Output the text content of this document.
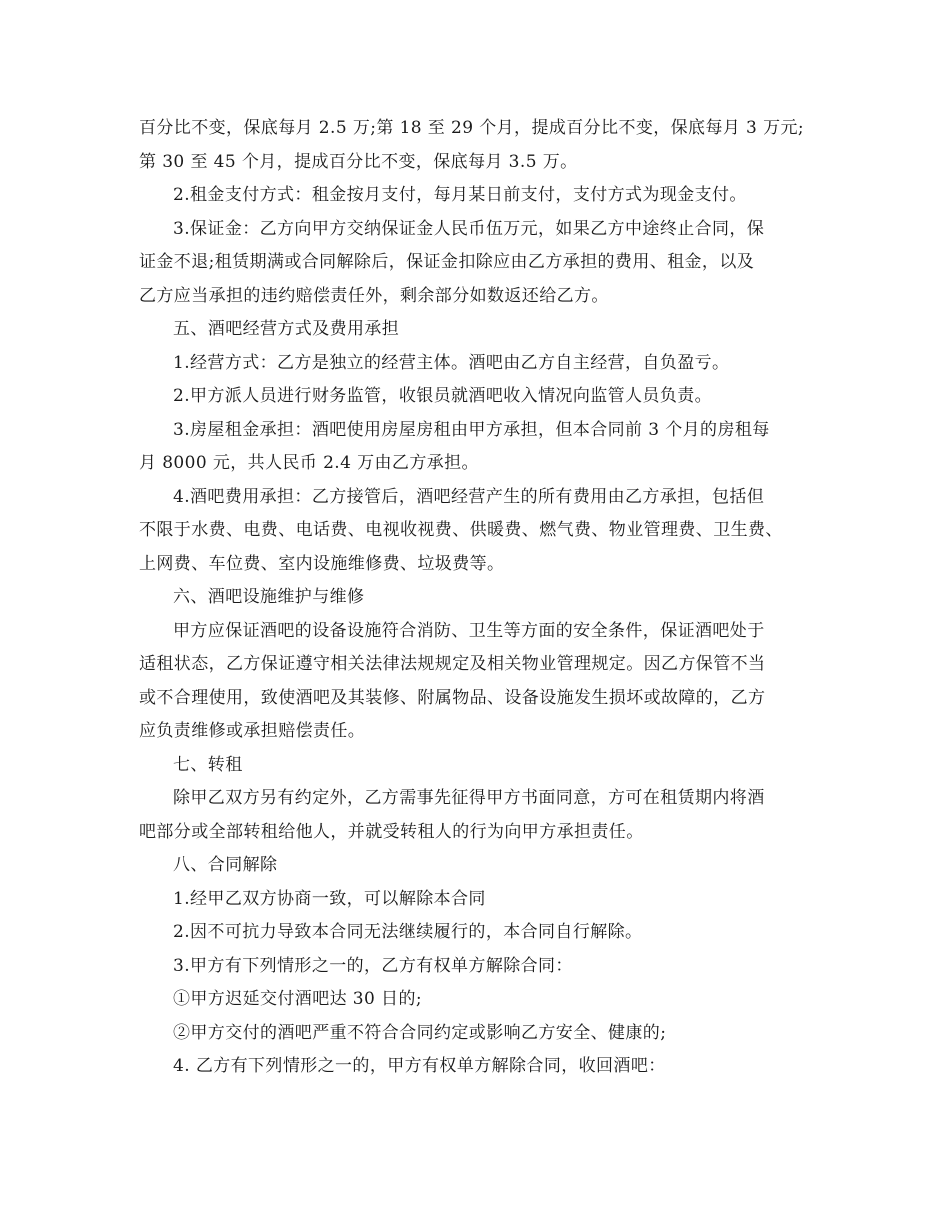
百分比不变，保底每月 2.5 万;第 18 至 29 个月，提成百分比不变，保底每月 3 万元;

第 30 至 45 个月，提成百分比不变，保底每月 3.5 万。

2.租金支付方式：租金按月支付，每月某日前支付，支付方式为现金支付。

3.保证金：乙方向甲方交纳保证金人民币伍万元，如果乙方中途终止合同，保

证金不退;租赁期满或合同解除后，保证金扣除应由乙方承担的费用、租金，以及

乙方应当承担的违约赔偿责任外，剩余部分如数返还给乙方。

五、酒吧经营方式及费用承担

1.经营方式：乙方是独立的经营主体。酒吧由乙方自主经营，自负盈亏。

2.甲方派人员进行财务监管，收银员就酒吧收入情况向监管人员负责。

3.房屋租金承担：酒吧使用房屋房租由甲方承担，但本合同前 3 个月的房租每

月 8000 元，共人民币 2.4 万由乙方承担。

4.酒吧费用承担：乙方接管后，酒吧经营产生的所有费用由乙方承担，包括但

不限于水费、电费、电话费、电视收视费、供暖费、燃气费、物业管理费、卫生费、

上网费、车位费、室内设施维修费、垃圾费等。

六、酒吧设施维护与维修

甲方应保证酒吧的设备设施符合消防、卫生等方面的安全条件，保证酒吧处于

适租状态，乙方保证遵守相关法律法规规定及相关物业管理规定。因乙方保管不当

或不合理使用，致使酒吧及其装修、附属物品、设备设施发生损坏或故障的，乙方

应负责维修或承担赔偿责任。

七、转租

除甲乙双方另有约定外，乙方需事先征得甲方书面同意，方可在租赁期内将酒

吧部分或全部转租给他人，并就受转租人的行为向甲方承担责任。

八、合同解除

1.经甲乙双方协商一致，可以解除本合同

2.因不可抗力导致本合同无法继续履行的，本合同自行解除。

3.甲方有下列情形之一的，乙方有权单方解除合同：

①甲方迟延交付酒吧达 30 日的;

②甲方交付的酒吧严重不符合合同约定或影响乙方安全、健康的;

4. 乙方有下列情形之一的，甲方有权单方解除合同，收回酒吧：
